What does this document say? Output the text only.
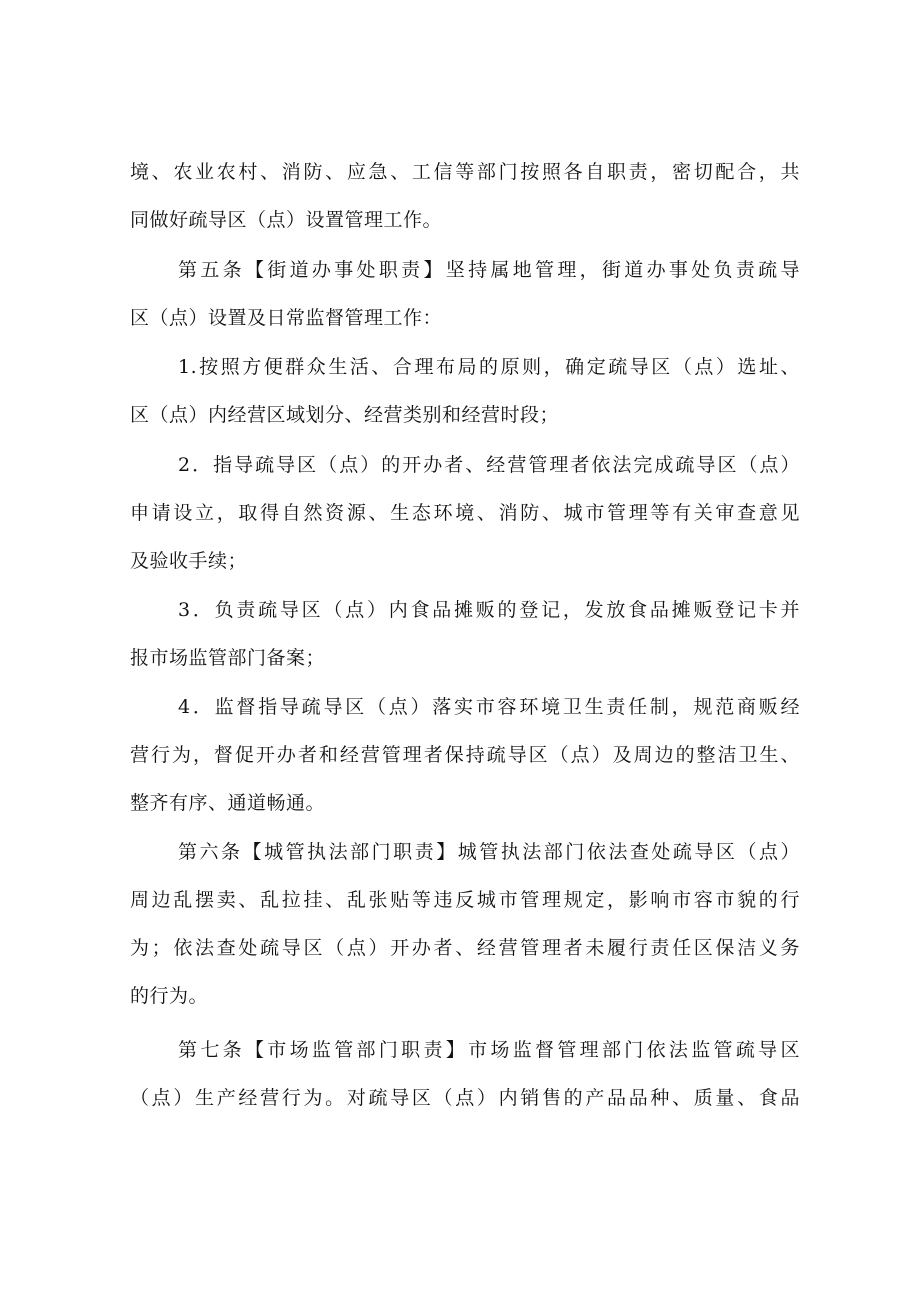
境、农业农村、消防、应急、工信等部门按照各自职责，密切配合，共
同做好疏导区（点）设置管理工作。
第五条【街道办事处职责】坚持属地管理，街道办事处负责疏导
区（点）设置及日常监督管理工作：
1.按照方便群众生活、合理布局的原则，确定疏导区（点）选址、
区（点）内经营区域划分、经营类别和经营时段；
2．指导疏导区（点）的开办者、经营管理者依法完成疏导区（点）
申请设立，取得自然资源、生态环境、消防、城市管理等有关审查意见
及验收手续；
3．负责疏导区（点）内食品摊贩的登记，发放食品摊贩登记卡并
报市场监管部门备案；
4．监督指导疏导区（点）落实市容环境卫生责任制，规范商贩经
营行为，督促开办者和经营管理者保持疏导区（点）及周边的整洁卫生、
整齐有序、通道畅通。
第六条【城管执法部门职责】城管执法部门依法查处疏导区（点）
周边乱摆卖、乱拉挂、乱张贴等违反城市管理规定，影响市容市貌的行
为；依法查处疏导区（点）开办者、经营管理者未履行责任区保洁义务
的行为。
第七条【市场监管部门职责】市场监督管理部门依法监管疏导区
（点）生产经营行为。对疏导区（点）内销售的产品品种、质量、食品
